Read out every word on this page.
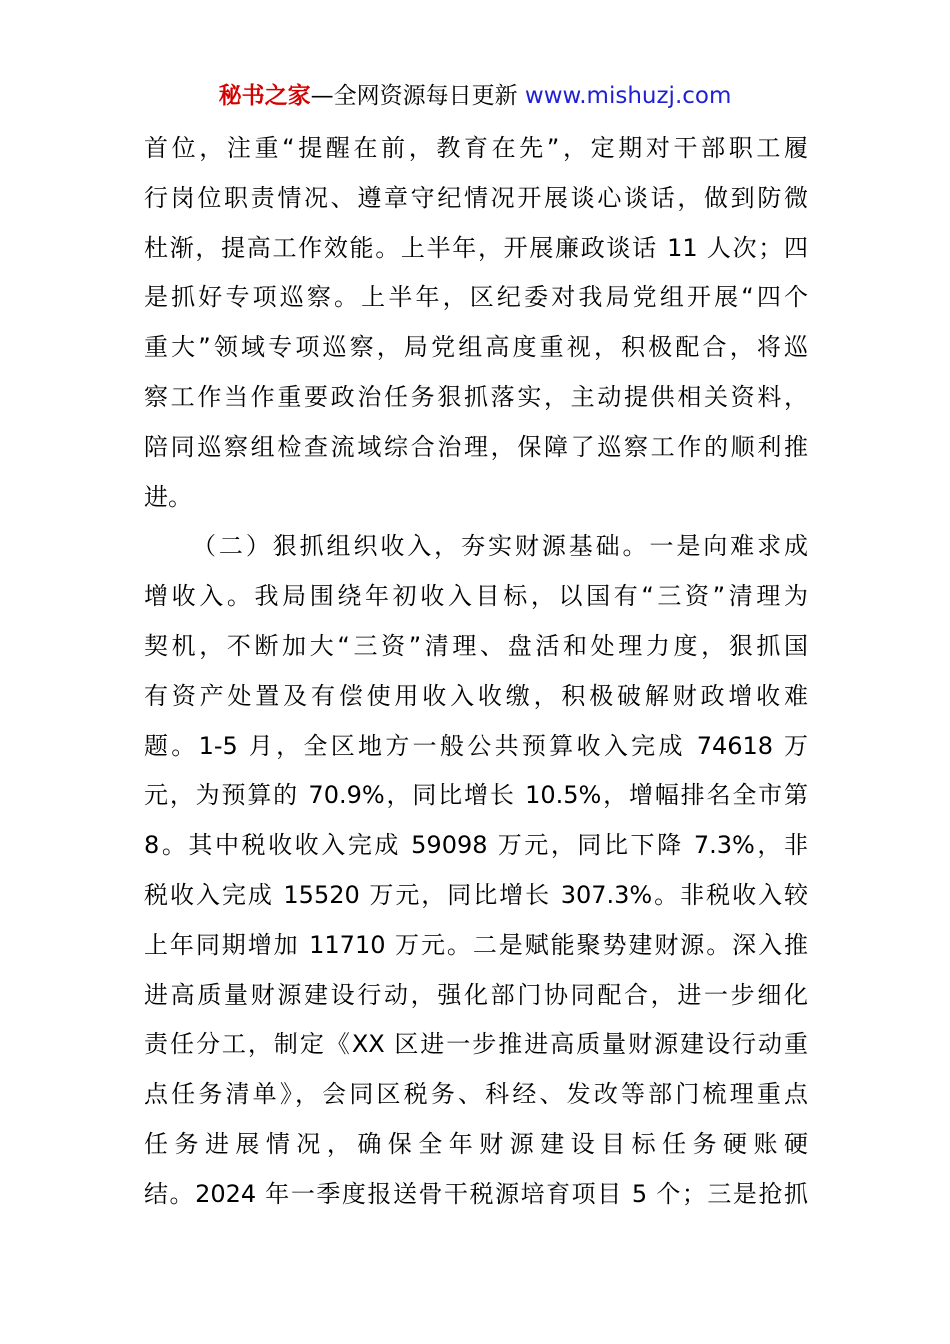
秘书之家—全网资源每日更新 www.mishuzj.com
首位，注重“提醒在前，教育在先”，定期对干部职工履
行岗位职责情况、遵章守纪情况开展谈心谈话，做到防微
杜渐，提高工作效能。上半年，开展廉政谈话 11 人次；四
是抓好专项巡察。上半年，区纪委对我局党组开展“四个
重大”领域专项巡察，局党组高度重视，积极配合，将巡
察工作当作重要政治任务狠抓落实，主动提供相关资料，
陪同巡察组检查流域综合治理，保障了巡察工作的顺利推
进。
（二）狠抓组织收入，夯实财源基础。一是向难求成
增收入。我局围绕年初收入目标，以国有“三资”清理为
契机，不断加大“三资”清理、盘活和处理力度，狠抓国
有资产处置及有偿使用收入收缴，积极破解财政增收难
题。1-5 月，全区地方一般公共预算收入完成 74618 万
元，为预算的 70.9%，同比增长 10.5%，增幅排名全市第
8。其中税收收入完成 59098 万元，同比下降 7.3%，非
税收入完成 15520 万元，同比增长 307.3%。非税收入较
上年同期增加 11710 万元。二是赋能聚势建财源。深入推
进高质量财源建设行动，强化部门协同配合，进一步细化
责任分工，制定《XX 区进一步推进高质量财源建设行动重
点任务清单》，会同区税务、科经、发改等部门梳理重点
任务进展情况，确保全年财源建设目标任务硬账硬
结。2024 年一季度报送骨干税源培育项目 5 个；三是抢抓
